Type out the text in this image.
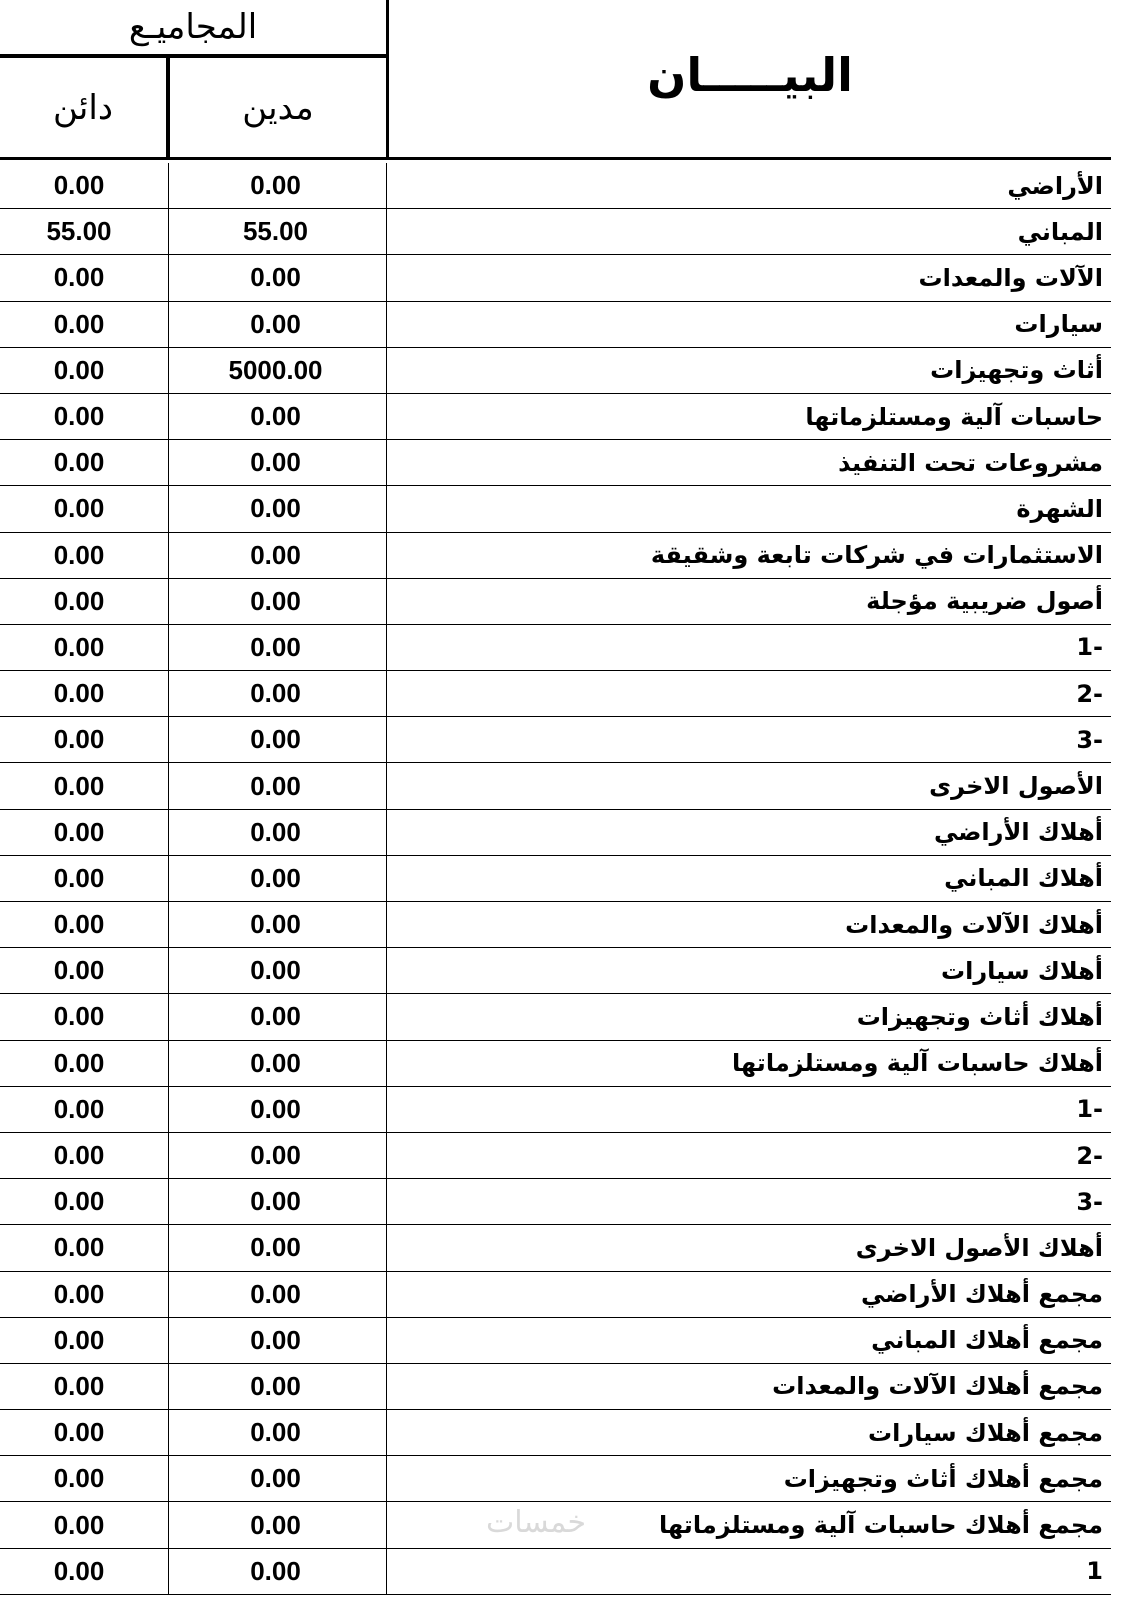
المجاميـع
البيـــــان
دائن	مدين
0.00	0.00	الأراضي
55.00	55.00	المباني
0.00	0.00	الآلات والمعدات
0.00	0.00	سيارات
0.00	5000.00	أثاث وتجهيزات
0.00	0.00	حاسبات آلية ومستلزماتها
0.00	0.00	مشروعات تحت التنفيذ
0.00	0.00	الشهرة
0.00	0.00	الاستثمارات في شركات تابعة وشقيقة
0.00	0.00	أصول ضريبية مؤجلة
0.00	0.00	-1
0.00	0.00	-2
0.00	0.00	-3
0.00	0.00	الأصول الاخرى
0.00	0.00	أهلاك الأراضي
0.00	0.00	أهلاك المباني
0.00	0.00	أهلاك الآلات والمعدات
0.00	0.00	أهلاك سيارات
0.00	0.00	أهلاك أثاث وتجهيزات
0.00	0.00	أهلاك حاسبات آلية ومستلزماتها
0.00	0.00	-1
0.00	0.00	-2
0.00	0.00	-3
0.00	0.00	أهلاك الأصول الاخرى
0.00	0.00	مجمع أهلاك الأراضي
0.00	0.00	مجمع أهلاك المباني
0.00	0.00	مجمع أهلاك الآلات والمعدات
0.00	0.00	مجمع أهلاك سيارات
0.00	0.00	مجمع أهلاك أثاث وتجهيزات
0.00	0.00	مجمع أهلاك حاسبات آلية ومستلزماتها
0.00	0.00	1
خمسات
